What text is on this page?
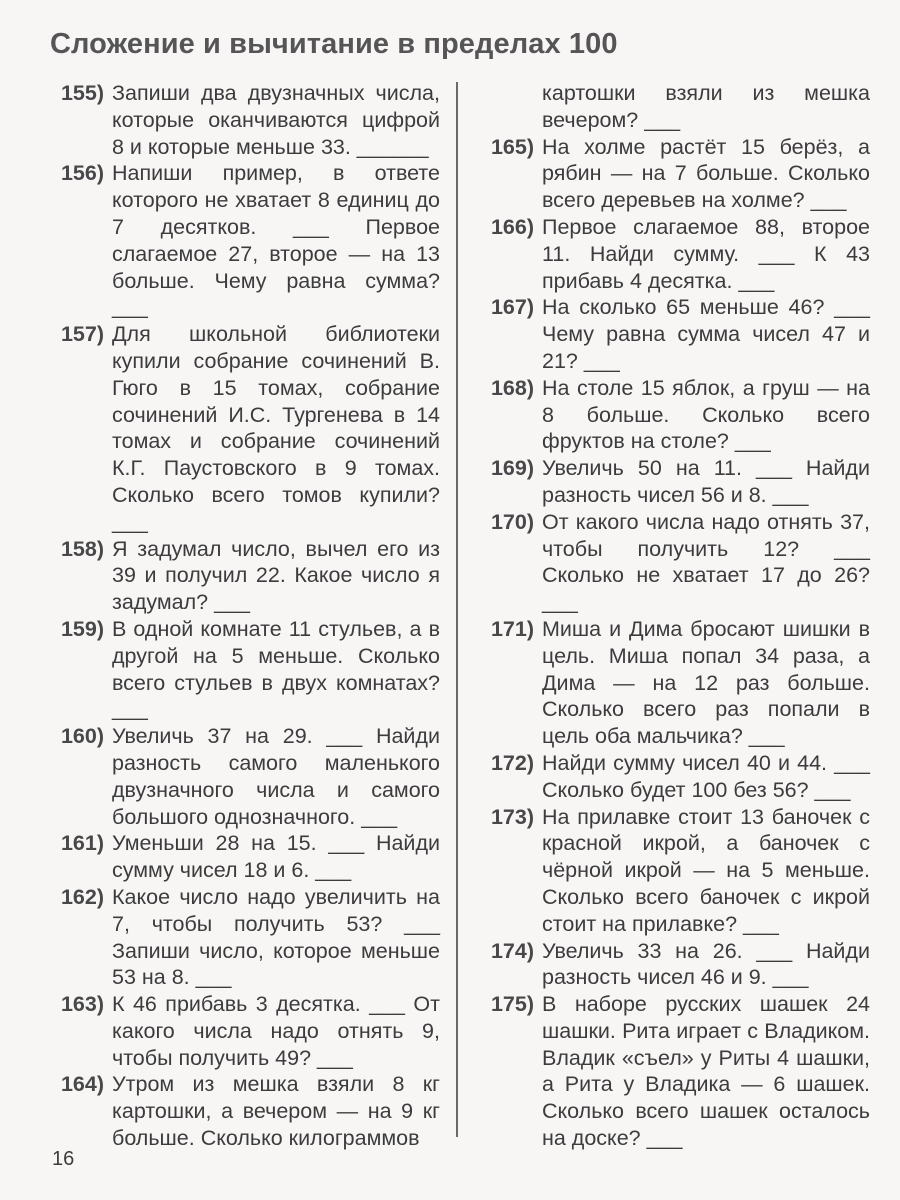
Сложение и вычитание в пределах 100
155) Запиши два двузначных числа, которые оканчиваются цифрой 8 и которые меньше 33. ______
156) Напиши пример, в ответе которого не хватает 8 единиц до 7 десятков. ___ Первое слагаемое 27, второе — на 13 больше. Чему равна сумма? ___
157) Для школьной библиотеки купили собрание сочинений В. Гюго в 15 томах, собрание сочинений И.С. Тургенева в 14 томах и собрание сочинений К.Г. Паустовского в 9 томах. Сколько всего томов купили? ___
158) Я задумал число, вычел его из 39 и получил 22. Какое число я задумал? ___
159) В одной комнате 11 стульев, а в другой на 5 меньше. Сколько всего стульев в двух комнатах? ___
160) Увеличь 37 на 29. ___ Найди разность самого маленького двузначного числа и самого большого однозначного. ___
161) Уменьши 28 на 15. ___ Найди сумму чисел 18 и 6. ___
162) Какое число надо увеличить на 7, чтобы получить 53? ___ Запиши число, которое меньше 53 на 8. ___
163) К 46 прибавь 3 десятка. ___ От какого числа надо отнять 9, чтобы получить 49? ___
164) Утром из мешка взяли 8 кг картошки, а вечером — на 9 кг больше. Сколько килограммов
картошки взяли из мешка вечером? ___
165) На холме растёт 15 берёз, а рябин — на 7 больше. Сколько всего деревьев на холме? ___
166) Первое слагаемое 88, второе 11. Найди сумму. ___ К 43 прибавь 4 десятка. ___
167) На сколько 65 меньше 46? ___ Чему равна сумма чисел 47 и 21? ___
168) На столе 15 яблок, а груш — на 8 больше. Сколько всего фруктов на столе? ___
169) Увеличь 50 на 11. ___ Найди разность чисел 56 и 8. ___
170) От какого числа надо отнять 37, чтобы получить 12? ___ Сколько не хватает 17 до 26? ___
171) Миша и Дима бросают шишки в цель. Миша попал 34 раза, а Дима — на 12 раз больше. Сколько всего раз попали в цель оба мальчика? ___
172) Найди сумму чисел 40 и 44. ___ Сколько будет 100 без 56? ___
173) На прилавке стоит 13 баночек с красной икрой, а баночек с чёрной икрой — на 5 меньше. Сколько всего баночек с икрой стоит на прилавке? ___
174) Увеличь 33 на 26. ___ Найди разность чисел 46 и 9. ___
175) В наборе русских шашек 24 шашки. Рита играет с Владиком. Владик «съел» у Риты 4 шашки, а Рита у Владика — 6 шашек. Сколько всего шашек осталось на доске? ___
16
